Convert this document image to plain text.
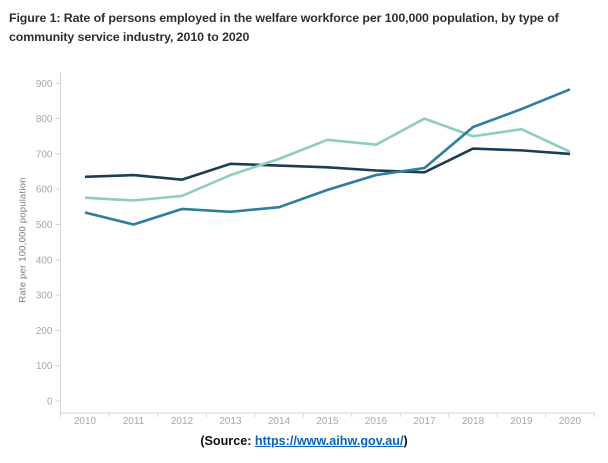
Figure 1: Rate of persons employed in the welfare workforce per 100,000 population, by type of community service industry, 2010 to 2020
0
100
200
300
400
500
600
700
800
900
2010	2011	2012	2013	2014	2015	2016	2017	2018	2019	2020
Rate per 100,000 population
(Source: https://www.aihw.gov.au/)
